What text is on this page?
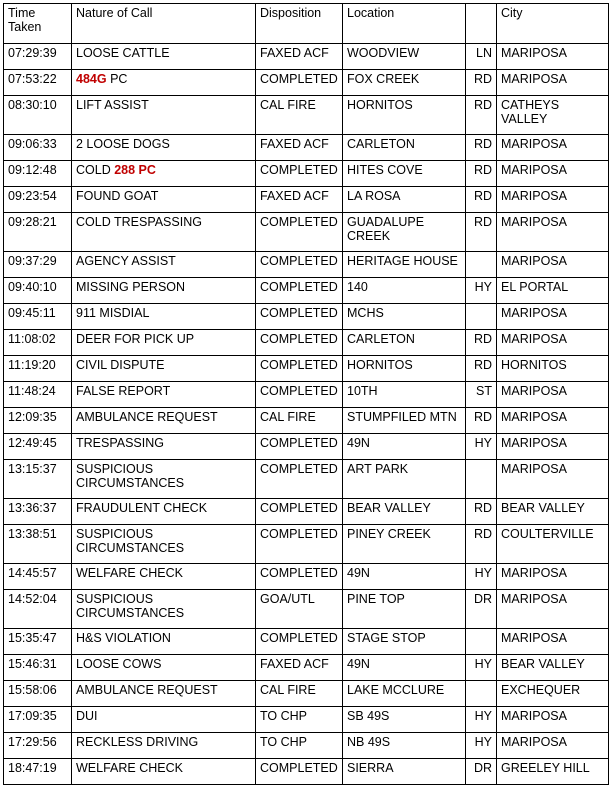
Time Taken	Nature of Call	Disposition	Location		City
07:29:39	LOOSE CATTLE	FAXED ACF	WOODVIEW	LN	MARIPOSA
07:53:22	484G PC	COMPLETED	FOX CREEK	RD	MARIPOSA
08:30:10	LIFT ASSIST	CAL FIRE	HORNITOS	RD	CATHEYS VALLEY
09:06:33	2 LOOSE DOGS	FAXED ACF	CARLETON	RD	MARIPOSA
09:12:48	COLD 288 PC	COMPLETED	HITES COVE	RD	MARIPOSA
09:23:54	FOUND GOAT	FAXED ACF	LA ROSA	RD	MARIPOSA
09:28:21	COLD TRESPASSING	COMPLETED	GUADALUPE CREEK	RD	MARIPOSA
09:37:29	AGENCY ASSIST	COMPLETED	HERITAGE HOUSE		MARIPOSA
09:40:10	MISSING PERSON	COMPLETED	140	HY	EL PORTAL
09:45:11	911 MISDIAL	COMPLETED	MCHS		MARIPOSA
11:08:02	DEER FOR PICK UP	COMPLETED	CARLETON	RD	MARIPOSA
11:19:20	CIVIL DISPUTE	COMPLETED	HORNITOS	RD	HORNITOS
11:48:24	FALSE REPORT	COMPLETED	10TH	ST	MARIPOSA
12:09:35	AMBULANCE REQUEST	CAL FIRE	STUMPFILED MTN	RD	MARIPOSA
12:49:45	TRESPASSING	COMPLETED	49N	HY	MARIPOSA
13:15:37	SUSPICIOUS CIRCUMSTANCES	COMPLETED	ART PARK		MARIPOSA
13:36:37	FRAUDULENT CHECK	COMPLETED	BEAR VALLEY	RD	BEAR VALLEY
13:38:51	SUSPICIOUS CIRCUMSTANCES	COMPLETED	PINEY CREEK	RD	COULTERVILLE
14:45:57	WELFARE CHECK	COMPLETED	49N	HY	MARIPOSA
14:52:04	SUSPICIOUS CIRCUMSTANCES	GOA/UTL	PINE TOP	DR	MARIPOSA
15:35:47	H&S VIOLATION	COMPLETED	STAGE STOP		MARIPOSA
15:46:31	LOOSE COWS	FAXED ACF	49N	HY	BEAR VALLEY
15:58:06	AMBULANCE REQUEST	CAL FIRE	LAKE MCCLURE		EXCHEQUER
17:09:35	DUI	TO CHP	SB 49S	HY	MARIPOSA
17:29:56	RECKLESS DRIVING	TO CHP	NB 49S	HY	MARIPOSA
18:47:19	WELFARE CHECK	COMPLETED	SIERRA	DR	GREELEY HILL
